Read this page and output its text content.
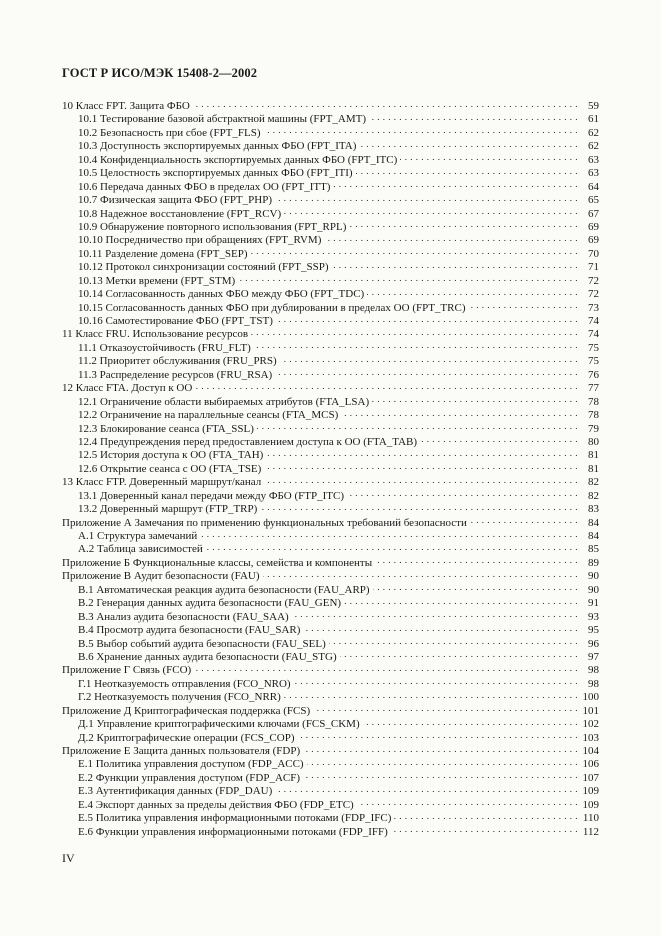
ГОСТ Р ИСО/МЭК 15408-2—2002
10 Класс FPT. Защита ФБО . . .	59
10.1 Тестирование базовой абстрактной машины (FPT_AMT) . . .	61
10.2 Безопасность при сбое (FPT_FLS) . . .	62
10.3 Доступность экспортируемых данных ФБО (FPT_ITA) . . .	62
10.4 Конфиденциальность экспортируемых данных ФБО (FPT_ITC) . . .	63
10.5 Целостность экспортируемых данных ФБО (FPT_ITI) . . .	63
10.6 Передача данных ФБО в пределах ОО (FPT_ITT) . . .	64
10.7 Физическая защита ФБО (FPT_PHP) . . .	65
10.8 Надежное восстановление (FPT_RCV) . . .	67
10.9 Обнаружение повторного использования (FPT_RPL) . . .	69
10.10 Посредничество при обращениях (FPT_RVM) . . .	69
10.11 Разделение домена (FPT_SEP) . . .	70
10.12 Протокол синхронизации состояний (FPT_SSP) . . .	71
10.13 Метки времени (FPT_STM) . . .	72
10.14 Согласованность данных ФБО между ФБО (FPT_TDC) . . .	72
10.15 Согласованность данных ФБО при дублировании в пределах ОО (FPT_TRC) . . .	73
10.16 Самотестирование ФБО (FPT_TST) . . .	74
11 Класс FRU. Использование ресурсов . . .	74
11.1 Отказоустойчивость (FRU_FLT) . . .	75
11.2 Приоритет обслуживания (FRU_PRS) . . .	75
11.3 Распределение ресурсов (FRU_RSA) . . .	76
12 Класс FTA. Доступ к ОО . . .	77
12.1 Ограничение области выбираемых атрибутов (FTA_LSA) . . .	78
12.2 Ограничение на параллельные сеансы (FTA_MCS) . . .	78
12.3 Блокирование сеанса (FTA_SSL) . . .	79
12.4 Предупреждения перед предоставлением доступа к ОО (FTA_TAB) . . .	80
12.5 История доступа к ОО (FTA_TAH) . . .	81
12.6 Открытие сеанса с ОО (FTA_TSE) . . .	81
13 Класс FTP. Доверенный маршрут/канал . . .	82
13.1 Доверенный канал передачи между ФБО (FTP_ITC) . . .	82
13.2 Доверенный маршрут (FTP_TRP) . . .	83
Приложение А Замечания по применению функциональных требований безопасности . . .	84
А.1 Структура замечаний . . .	84
А.2 Таблица зависимостей . . .	85
Приложение Б Функциональные классы, семейства и компоненты . . .	89
Приложение В Аудит безопасности (FAU) . . .	90
В.1 Автоматическая реакция аудита безопасности (FAU_ARP) . . .	90
В.2 Генерация данных аудита безопасности (FAU_GEN) . . .	91
В.3 Анализ аудита безопасности (FAU_SAA) . . .	93
В.4 Просмотр аудита безопасности (FAU_SAR) . . .	95
В.5 Выбор событий аудита безопасности (FAU_SEL) . . .	96
В.6 Хранение данных аудита безопасности (FAU_STG) . . .	97
Приложение Г Связь (FCO) . . .	98
Г.1 Неотказуемость отправления (FCO_NRO) . . .	98
Г.2 Неотказуемость получения (FCO_NRR) . . .	100
Приложение Д Криптографическая поддержка (FCS) . . .	101
Д.1 Управление криптографическими ключами (FCS_CKM) . . .	102
Д.2 Криптографические операции (FCS_COP) . . .	103
Приложение Е Защита данных пользователя (FDP) . . .	104
Е.1 Политика управления доступом (FDP_ACC) . . .	106
Е.2 Функции управления доступом (FDP_ACF) . . .	107
Е.3 Аутентификация данных (FDP_DAU) . . .	109
Е.4 Экспорт данных за пределы действия ФБО (FDP_ETC) . . .	109
Е.5 Политика управления информационными потоками (FDP_IFC) . . .	110
Е.6 Функции управления информационными потоками (FDP_IFF) . . .	112
IV
